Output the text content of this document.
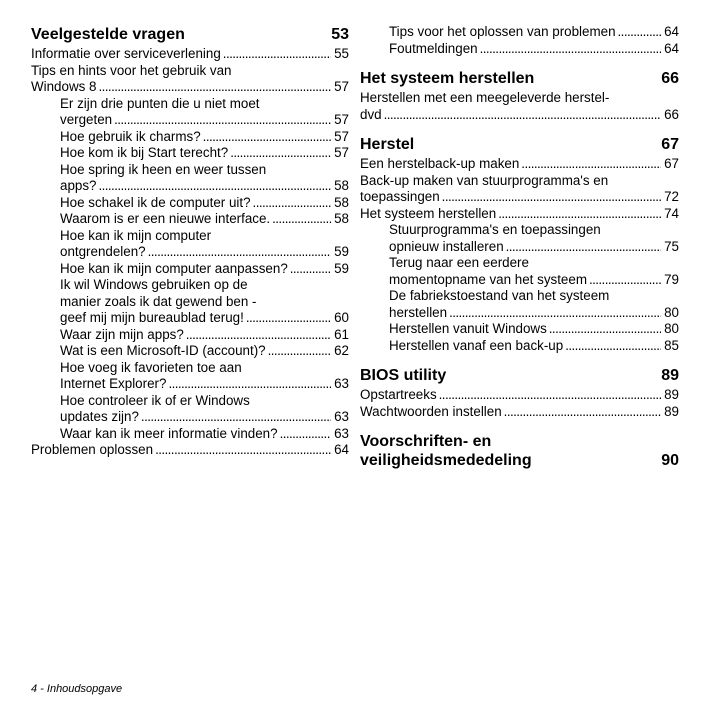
Veelgestelde vragen	53
Informatie over serviceverlening . . .	55
Tips en hints voor het gebruik van
Windows 8 . . .	57
Er zijn drie punten die u niet moet
vergeten . . .	57
Hoe gebruik ik charms? . . .	57
Hoe kom ik bij Start terecht? . . .	57
Hoe spring ik heen en weer tussen
apps? . . .	58
Hoe schakel ik de computer uit? . . .	58
Waarom is er een nieuwe interface. . . .	58
Hoe kan ik mijn computer
ontgrendelen? . . .	59
Hoe kan ik mijn computer aanpassen? . . .	59
Ik wil Windows gebruiken op de
manier zoals ik dat gewend ben -
geef mij mijn bureaublad terug! . . .	60
Waar zijn mijn apps? . . .	61
Wat is een Microsoft-ID (account)? . . .	62
Hoe voeg ik favorieten toe aan
Internet Explorer? . . .	63
Hoe controleer ik of er Windows
updates zijn? . . .	63
Waar kan ik meer informatie vinden? . . .	63
Problemen oplossen . . .	64
Tips voor het oplossen van problemen . . .	64
Foutmeldingen . . .	64
Het systeem herstellen	66
Herstellen met een meegeleverde herstel-
dvd . . .	66
Herstel	67
Een herstelback-up maken . . .	67
Back-up maken van stuurprogramma's en
toepassingen . . .	72
Het systeem herstellen . . .	74
Stuurprogramma's en toepassingen
opnieuw installeren . . .	75
Terug naar een eerdere
momentopname van het systeem . . .	79
De fabriekstoestand van het systeem
herstellen . . .	80
Herstellen vanuit Windows . . .	80
Herstellen vanaf een back-up . . .	85
BIOS utility	89
Opstartreeks . . .	89
Wachtwoorden instellen . . .	89
Voorschriften- en
veiligheidsmededeling	90
4 - Inhoudsopgave
